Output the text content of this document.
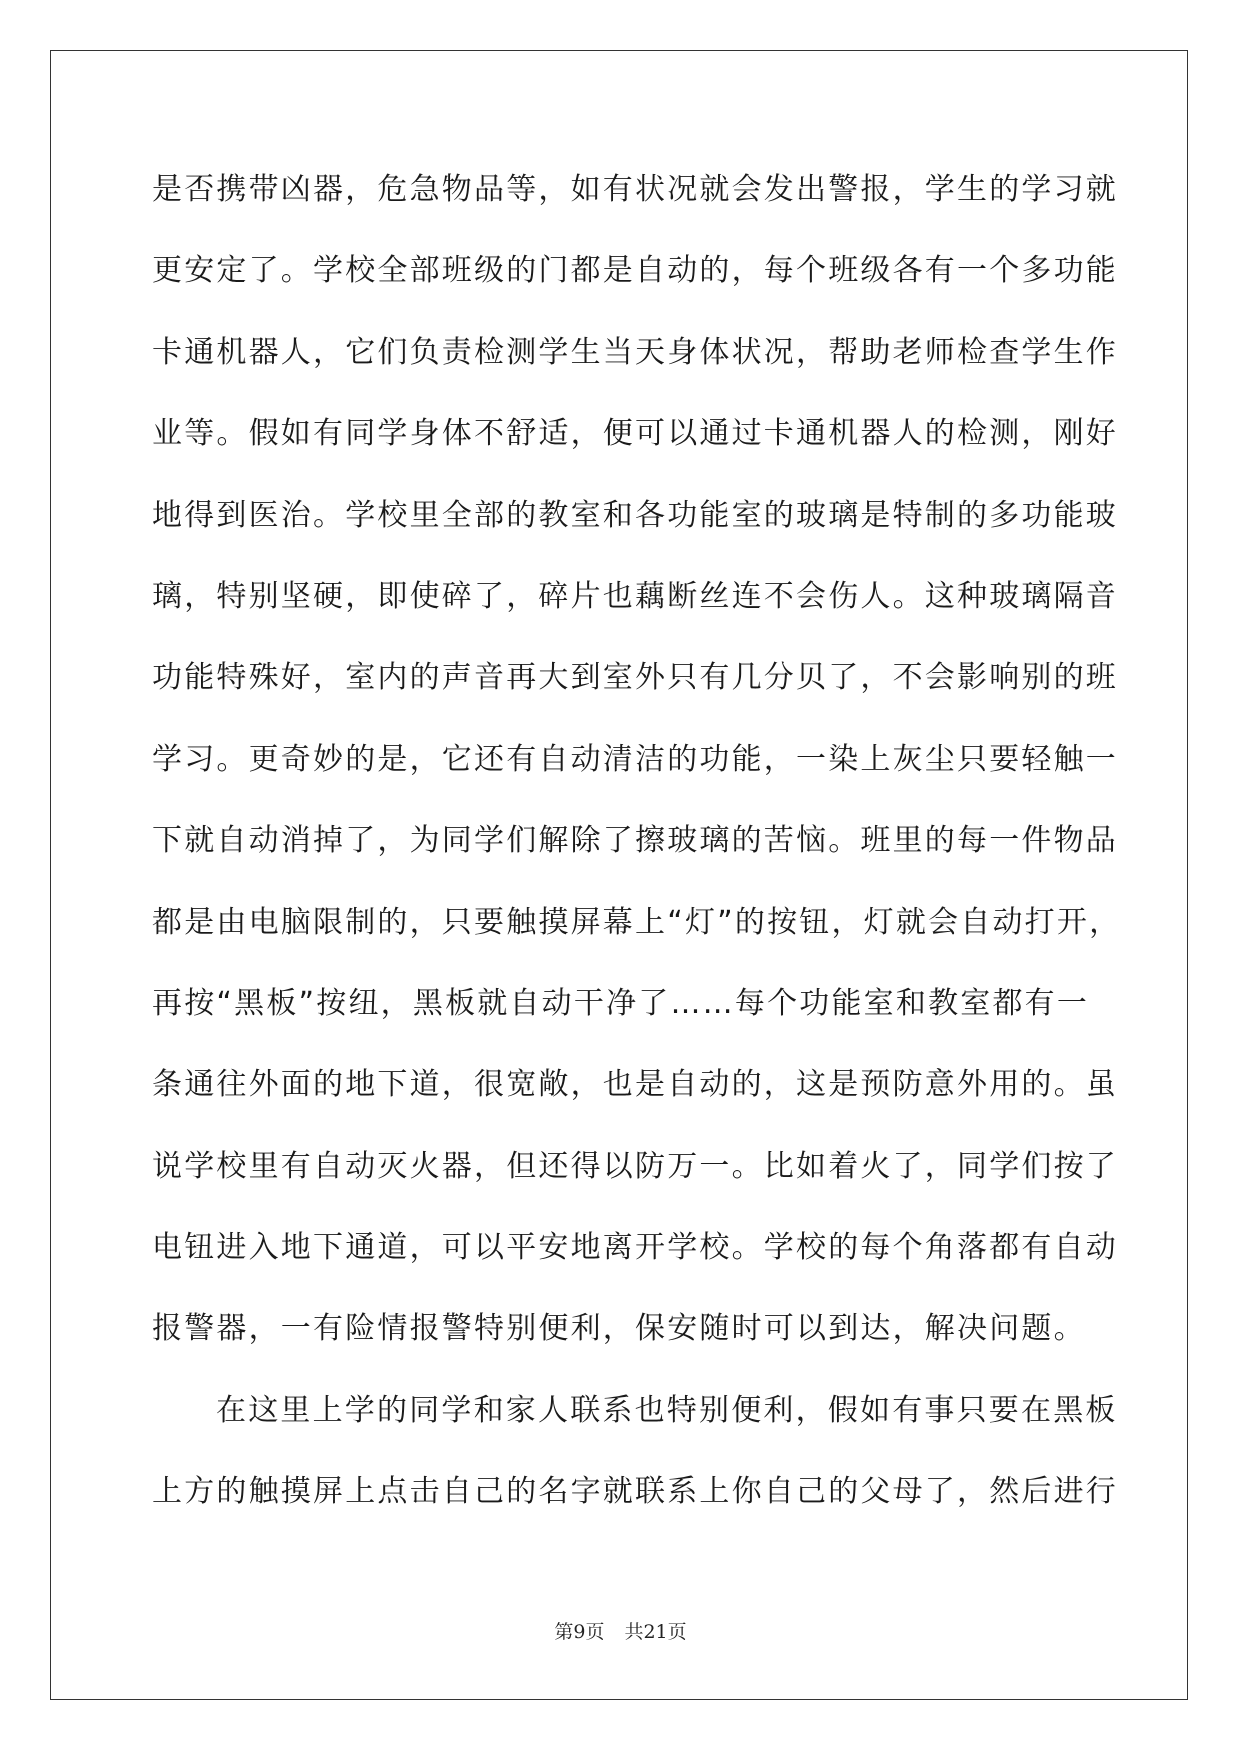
是否携带凶器，危急物品等，如有状况就会发出警报，学生的学习就
更安定了。学校全部班级的门都是自动的，每个班级各有一个多功能
卡通机器人，它们负责检测学生当天身体状况，帮助老师检查学生作
业等。假如有同学身体不舒适，便可以通过卡通机器人的检测，刚好
地得到医治。学校里全部的教室和各功能室的玻璃是特制的多功能玻
璃，特别坚硬，即使碎了，碎片也藕断丝连不会伤人。这种玻璃隔音
功能特殊好，室内的声音再大到室外只有几分贝了，不会影响别的班
学习。更奇妙的是，它还有自动清洁的功能，一染上灰尘只要轻触一
下就自动消掉了，为同学们解除了擦玻璃的苦恼。班里的每一件物品
都是由电脑限制的，只要触摸屏幕上“灯”的按钮，灯就会自动打开，
再按“黑板”按纽，黑板就自动干净了……每个功能室和教室都有一
条通往外面的地下道，很宽敞，也是自动的，这是预防意外用的。虽
说学校里有自动灭火器，但还得以防万一。比如着火了，同学们按了
电钮进入地下通道，可以平安地离开学校。学校的每个角落都有自动
报警器，一有险情报警特别便利，保安随时可以到达，解决问题。
在这里上学的同学和家人联系也特别便利，假如有事只要在黑板
上方的触摸屏上点击自己的名字就联系上你自己的父母了，然后进行
第9页 共21页
